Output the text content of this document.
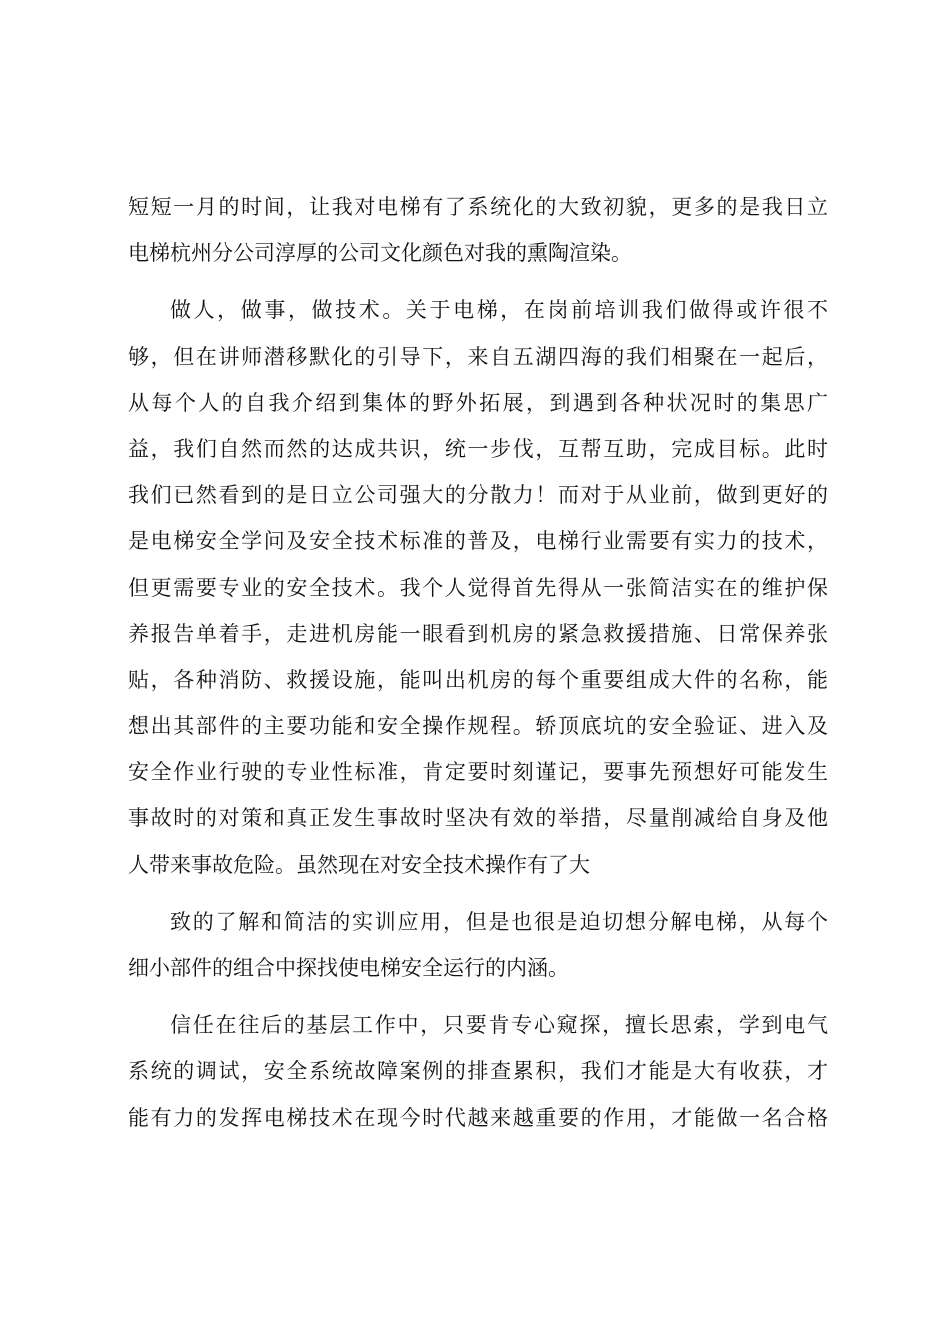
短短一月的时间，让我对电梯有了系统化的大致初貌，更多的是我日立
电梯杭州分公司淳厚的公司文化颜色对我的熏陶渲染。
做人，做事，做技术。关于电梯，在岗前培训我们做得或许很不
够，但在讲师潜移默化的引导下，来自五湖四海的我们相聚在一起后，
从每个人的自我介绍到集体的野外拓展，到遇到各种状况时的集思广
益，我们自然而然的达成共识，统一步伐，互帮互助，完成目标。此时
我们已然看到的是日立公司强大的分散力！而对于从业前，做到更好的
是电梯安全学问及安全技术标准的普及，电梯行业需要有实力的技术，
但更需要专业的安全技术。我个人觉得首先得从一张简洁实在的维护保
养报告单着手，走进机房能一眼看到机房的紧急救援措施、日常保养张
贴，各种消防、救援设施，能叫出机房的每个重要组成大件的名称，能
想出其部件的主要功能和安全操作规程。轿顶底坑的安全验证、进入及
安全作业行驶的专业性标准，肯定要时刻谨记，要事先预想好可能发生
事故时的对策和真正发生事故时坚决有效的举措，尽量削减给自身及他
人带来事故危险。虽然现在对安全技术操作有了大
致的了解和简洁的实训应用，但是也很是迫切想分解电梯，从每个
细小部件的组合中探找使电梯安全运行的内涵。
信任在往后的基层工作中，只要肯专心窥探，擅长思索，学到电气
系统的调试，安全系统故障案例的排查累积，我们才能是大有收获，才
能有力的发挥电梯技术在现今时代越来越重要的作用，才能做一名合格
